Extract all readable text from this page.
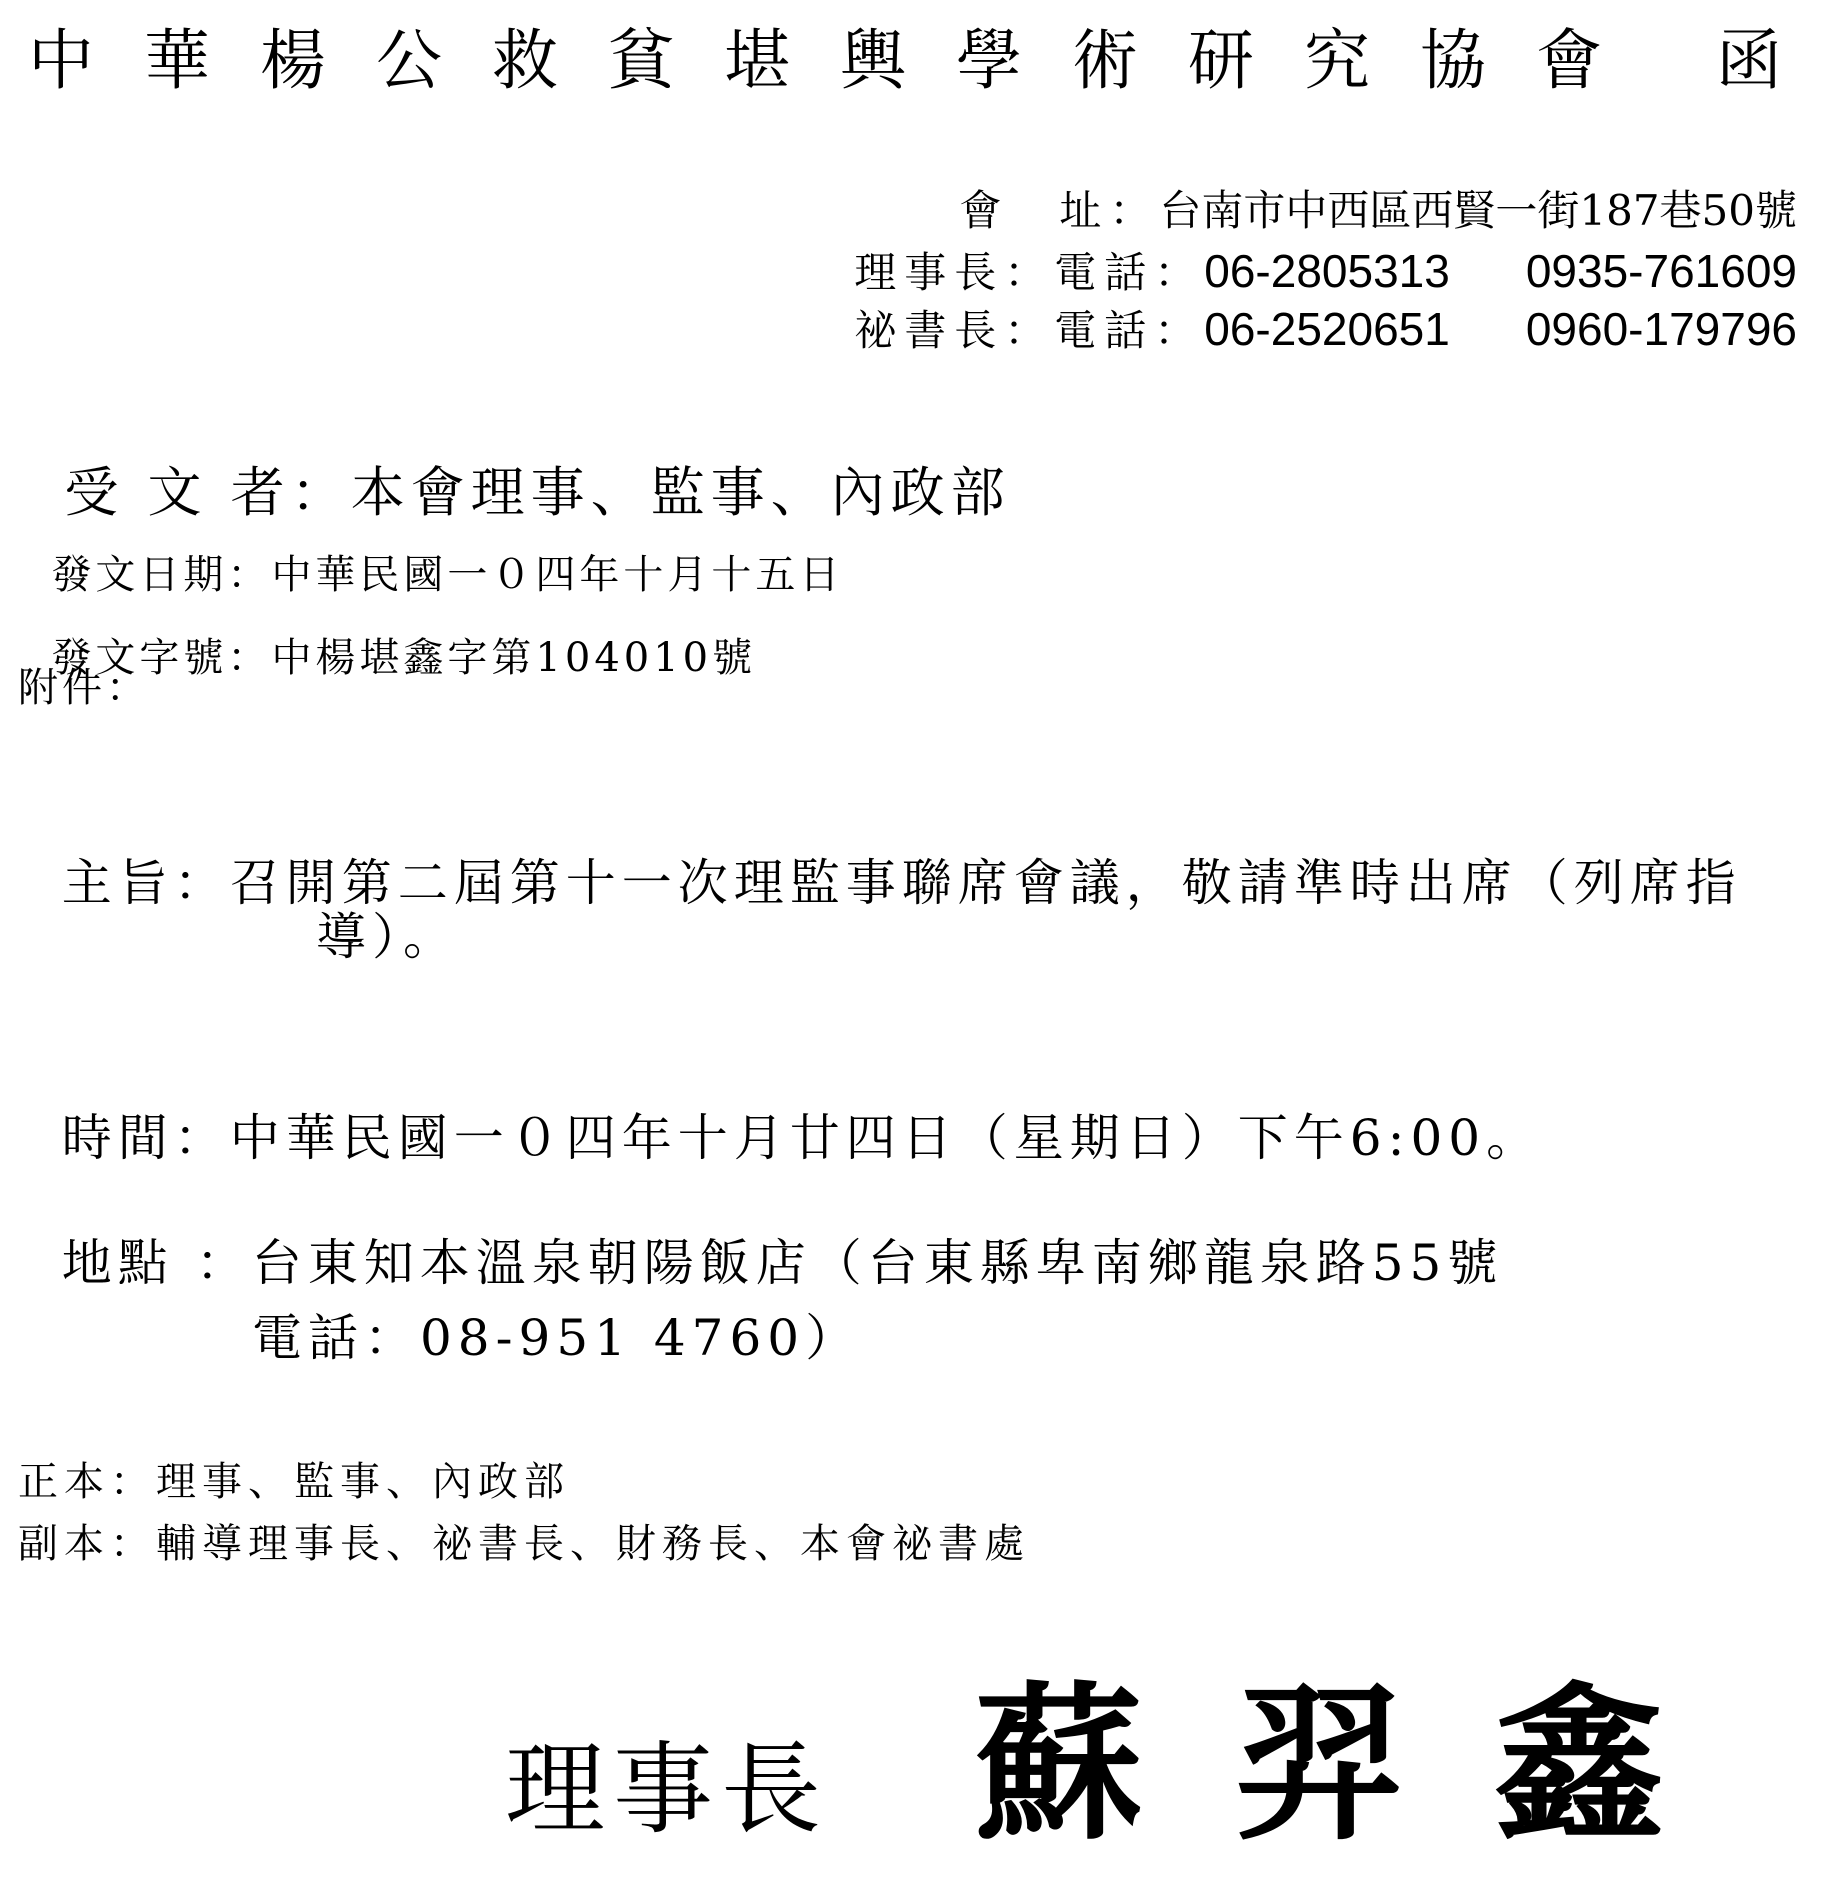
中華楊公救貧堪輿學術研究協會 函

會　址：台南市中西區西賢一街187巷50號

理事長：電話：06-2805313 0935-761609

祕書長：電話：06-2520651 0960-179796

受 文 者：本會理事、監事、內政部

發文日期：中華民國一０四年十月十五日

發文字號：中楊堪鑫字第104010號

附件：

主旨：召開第二屆第十一次理監事聯席會議，敬請準時出席（列席指

導）。

時間：中華民國一０四年十月廿四日（星期日）下午6:00。

地點 ：台東知本溫泉朝陽飯店（台東縣卑南鄉龍泉路55號

電話：08-951 4760）
正本：理事、監事、內政部
副本：輔導理事長、祕書長、財務長、本會祕書處
理事長 蘇羿鑫
